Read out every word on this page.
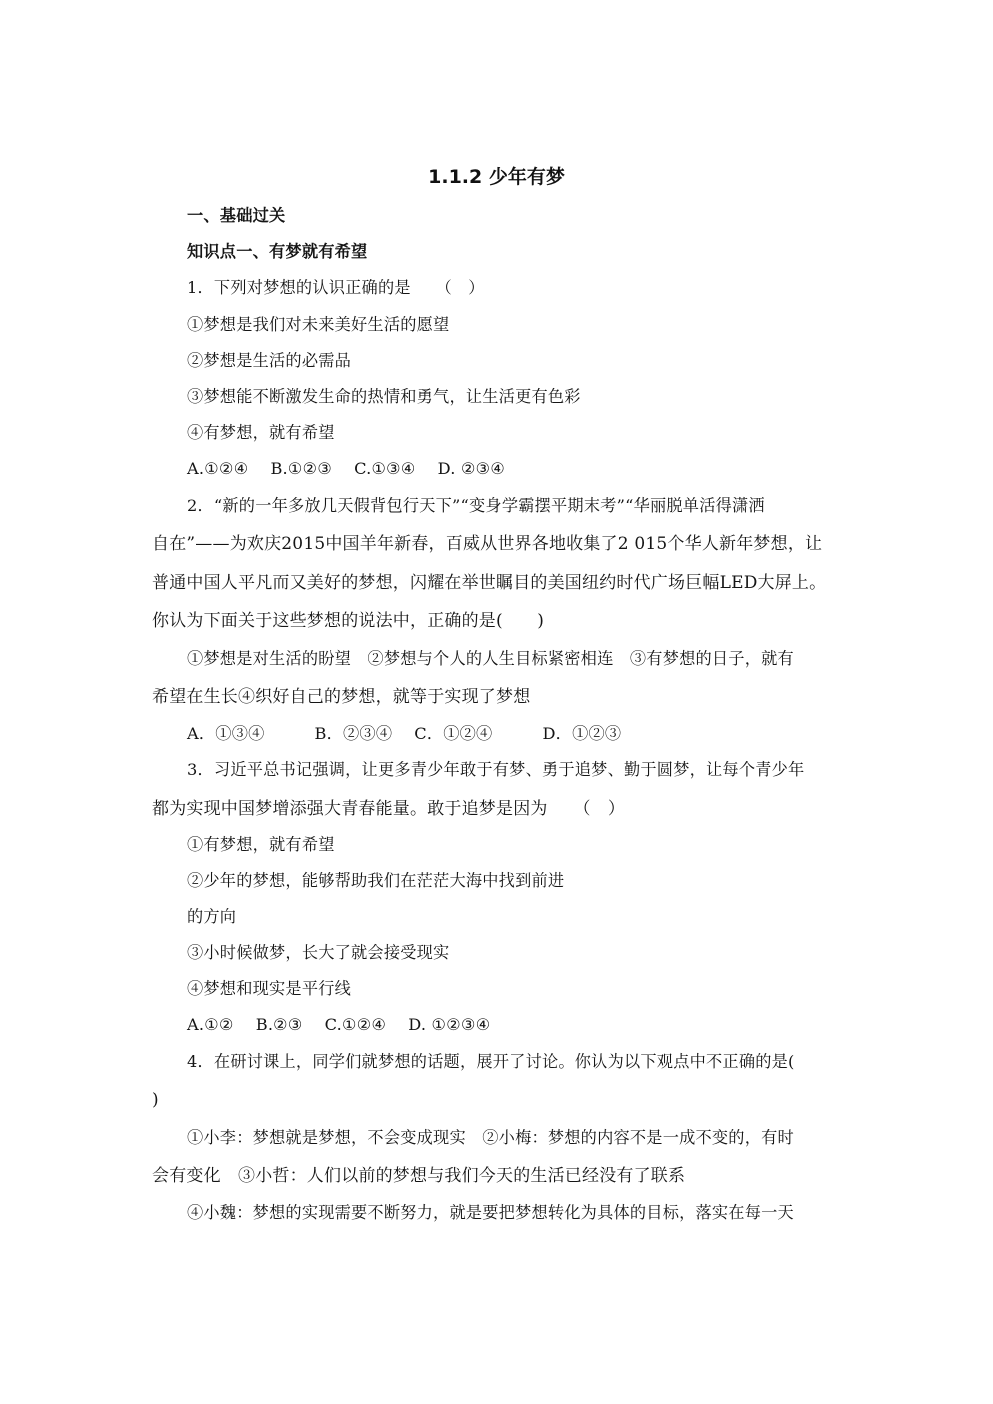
1.1.2 少年有梦
一、基础过关
知识点一、有梦就有希望
1．下列对梦想的认识正确的是　　（　）
①梦想是我们对未来美好生活的愿望
②梦想是生活的必需品
③梦想能不断激发生命的热情和勇气，让生活更有色彩
④有梦想，就有希望
A.①②④ B.①②③ C.①③④ D. ②③④
2．“新的一年多放几天假背包行天下”“变身学霸摆平期末考”“华丽脱单活得潇洒
自在”——为欢庆2015中国羊年新春，百威从世界各地收集了2 015个华人新年梦想，让
普通中国人平凡而又美好的梦想，闪耀在举世瞩目的美国纽约时代广场巨幅LED大屏上。
你认为下面关于这些梦想的说法中，正确的是(　　)
①梦想是对生活的盼望　②梦想与个人的人生目标紧密相连　③有梦想的日子，就有
希望在生长④织好自己的梦想，就等于实现了梦想
A．①③④	B．②③④ C．①②④	D．①②③
3．习近平总书记强调，让更多青少年敢于有梦、勇于追梦、勤于圆梦，让每个青少年
都为实现中国梦增添强大青春能量。敢于追梦是因为　　（　）
①有梦想，就有希望
②少年的梦想，能够帮助我们在茫茫大海中找到前进
的方向
③小时候做梦，长大了就会接受现实
④梦想和现实是平行线
A.①② B.②③ C.①②④ D. ①②③④
4．在研讨课上，同学们就梦想的话题，展开了讨论。你认为以下观点中不正确的是(
)
①小李：梦想就是梦想，不会变成现实　②小梅：梦想的内容不是一成不变的，有时
会有变化　③小哲：人们以前的梦想与我们今天的生活已经没有了联系
④小魏：梦想的实现需要不断努力，就是要把梦想转化为具体的目标，落实在每一天
